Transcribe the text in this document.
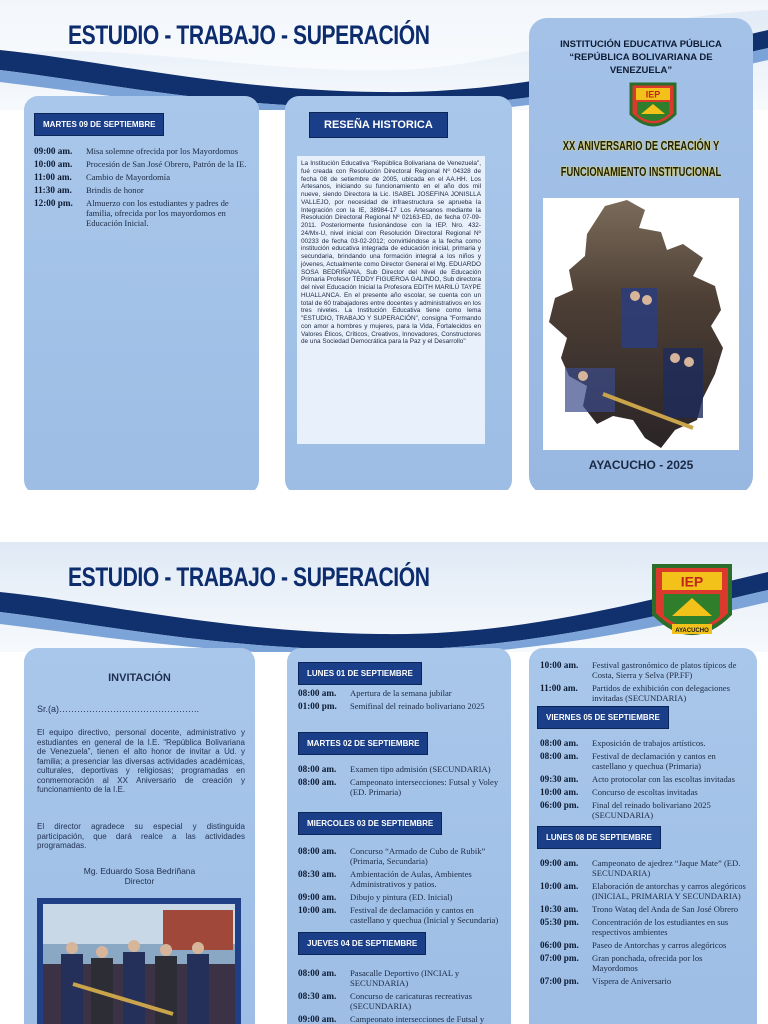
ESTUDIO - TRABAJO - SUPERACIÓN
MARTES 09 DE SEPTIEMBRE
09:00 am.	Misa solemne ofrecida por los Mayordomos
10:00 am.	Procesión de San José Obrero, Patrón de la IE.
11:00 am.	Cambio de Mayordomía
11:30 am.	Brindis de honor
12:00 pm.	Almuerzo con los estudiantes y padres de familia, ofrecida por los mayordomos en Educación Inicial.
RESEÑA HISTORICA
La Institución Educativa "República Bolivariana de Venezuela", fué creada con Resolución Directoral Regional Nº 04328 de fecha 08 de setiembre de 2005, ubicada en el AA.HH. Los Artesanos, iniciando su funcionamiento en el año dos mil nueve, siendo Directora la Lic. ISABEL JOSEFINA JONISLLA VALLEJO, por necesidad de infraestructura se aprueba la Integración con la IE, 38984-17 Los Artesanos mediante la Resolución Directoral Regional Nº 02163-ED, de fecha 07-09-2011. Posteriormente fusionándose con la IEP. Nro. 432-24/Mx-U, nivel inicial con Resolución Directoral Regional Nº 00233 de fecha 03-02-2012; convirtiéndose a la fecha como institución educativa integrada de educación inicial, primaria y secundaria, brindando una formación integral a los niños y jóvenes, Actualmente como Director General el Mg. EDUARDO SOSA BEDRIÑANA, Sub Director del Nivel de Educación Primaria Profesor TEDDY FIGUEROA GALINDO, Sub directora del nivel Educación Inicial la Profesora EDITH MARILÚ TAYPE HUALLANCA. En el presente año escolar, se cuenta con un total de 60 trabajadores entre docentes y administrativos en los tres niveles. La Institución Educativa tiene como lema "ESTUDIO, TRABAJO Y SUPERACIÓN", consigna "Formando con amor a hombres y mujeres, para la Vida, Fortalecidos en Valores Éticos, Críticos, Creativos, Innovadores, Constructores de una Sociedad Democrática para la Paz y el Desarrollo"
INSTITUCIÓN EDUCATIVA PÚBLICA
“REPÚBLICA BOLIVARIANA DE
VENEZUELA”
IEP
XX ANIVERSARIO DE CREACIÓN Y
FUNCIONAMIENTO INSTITUCIONAL
AYACUCHO - 2025
ESTUDIO - TRABAJO - SUPERACIÓN	IEP
AYACUCHO
INVITACIÓN
Sr.(a)………………………………………..
El equipo directivo, personal docente, administrativo y estudiantes en general de la I.E. “República Bolivariana de Venezuela”, tienen el alto honor de invitar a Ud. y familia; a presenciar las diversas actividades académicas, culturales, deportivas y religiosas; programadas en conmemoración al XX Aniversario de creación y funcionamiento de la I.E.
El director agradece su especial y distinguida participación, que dará realce a las actividades programadas.
Mg. Eduardo Sosa Bedriñana
Director
LUNES 01 DE SEPTIEMBRE
08:00 am.	Apertura de la semana jubilar
01:00 pm.	Semifinal del reinado bolivariano 2025
MARTES 02 DE SEPTIEMBRE
08:00 am.	Examen tipo admisión (SECUNDARIA)
08:00 am.	Campeonato intersecciones: Futsal y Voley (ED. Primaria)
MIERCOLES 03 DE SEPTIEMBRE
08:00 am.	Concurso “Armado de Cubo de Rubik” (Primaria, Secundaria)
08:30 am.	Ambientación de Aulas, Ambientes Administrativos y patios.
09:00 am.	Dibujo y pintura (ED. Inicial)
10:00 am.	Festival de declamación y cantos en castellano y quechua (Inicial y Secundaria)
JUEVES 04 DE SEPTIEMBRE
08:00 am.	Pasacalle Deportivo (INCIAL y SECUNDARIA)
08:30 am.	Concurso de caricaturas recreativas (SECUNDARIA)
09:00 am.	Campeonato intersecciones de Futsal y
10:00 am.	Festival gastronómico de platos típicos de Costa, Sierra y Selva (PP.FF)
11:00 am.	Partidos de exhibición con delegaciones invitadas (SECUNDARIA)
VIERNES 05 DE SEPTIEMBRE
08:00 am.	Exposición de trabajos artísticos.
08:00 am.	Festival de declamación y cantos en castellano y quechua (Primaria)
09:30 am.	Acto protocolar con las escoltas invitadas
10:00 am.	Concurso de escoltas invitadas
06:00 pm.	Final del reinado bolivariano 2025 (SECUNDARIA)
LUNES 08 DE SEPTIEMBRE
09:00 am.	Campeonato de ajedrez “Jaque Mate” (ED. SECUNDARIA)
10:00 am.	Elaboración de antorchas y carros alegóricos (INICIAL, PRIMARIA Y SECUNDARIA)
10:30 am.	Trono Wataq del Anda de San José Obrero
05:30 pm.	Concentración de los estudiantes en sus respectivos ambientes
06:00 pm.	Paseo de Antorchas y carros alegóricos
07:00 pm.	Gran ponchada, ofrecida por los Mayordomos
07:00 pm.	Víspera de Aniversario
